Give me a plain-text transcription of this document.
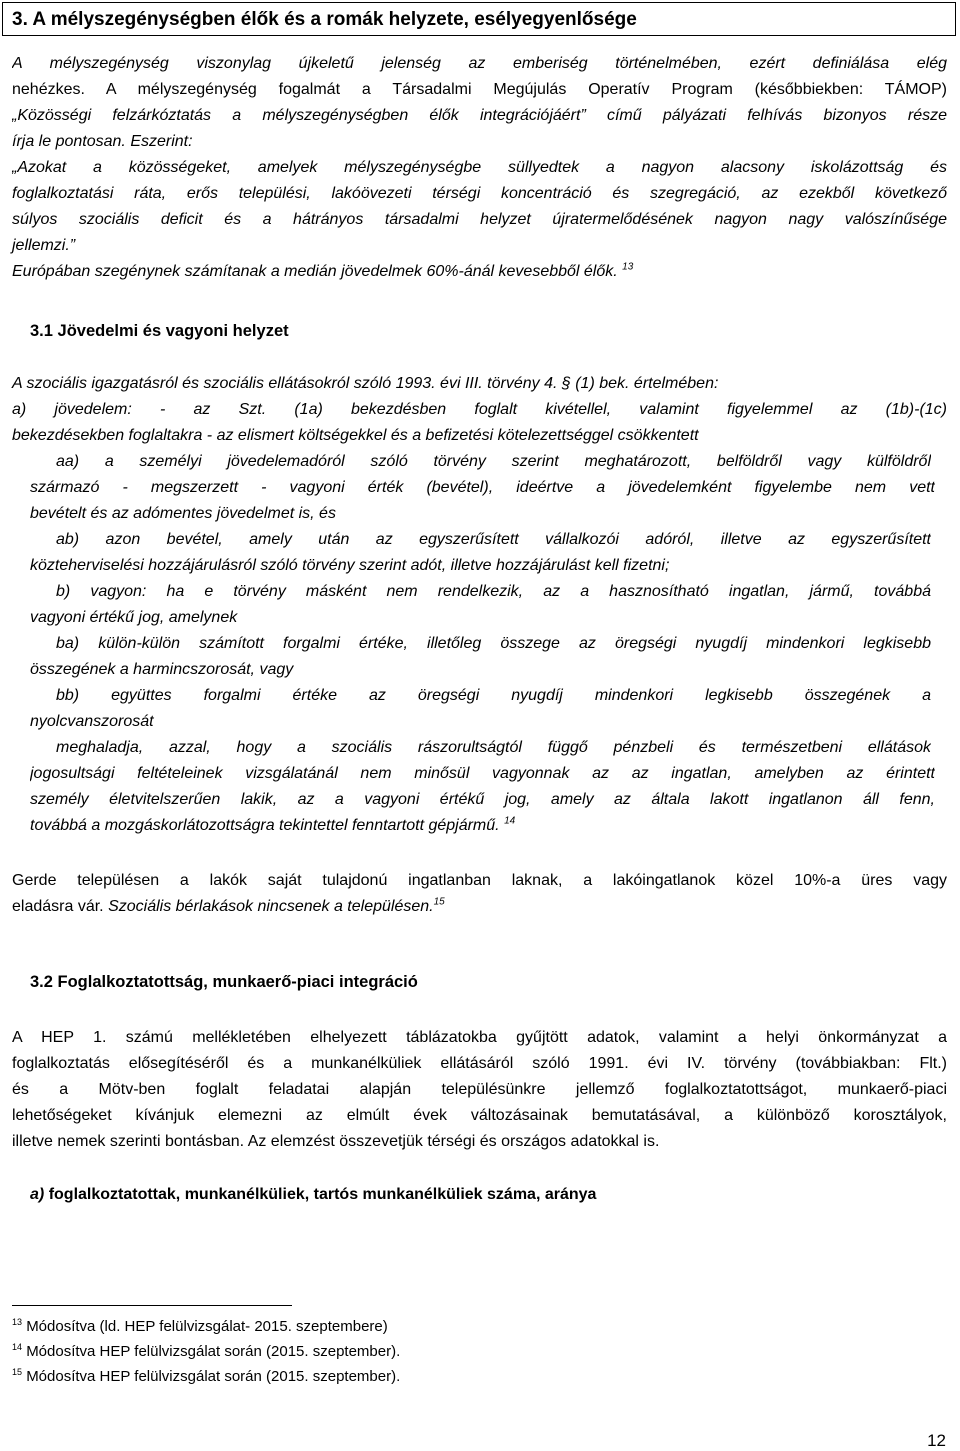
3. A mélyszegénységben élők és a romák helyzete, esélyegyenlősége
A mélyszegénység viszonylag újkeletű jelenség az emberiség történelmében, ezért definiálása elég
nehézkes. A mélyszegénység fogalmát a Társadalmi Megújulás Operatív Program (későbbiekben: TÁMOP)
„Közösségi felzárkóztatás a mélyszegénységben élők integrációjáért” című pályázati felhívás bizonyos része
írja le pontosan. Eszerint:
„Azokat a közösségeket, amelyek mélyszegénységbe süllyedtek a nagyon alacsony iskolázottság és
foglalkoztatási ráta, erős települési, lakóövezeti térségi koncentráció és szegregáció, az ezekből következő
súlyos szociális deficit és a hátrányos társadalmi helyzet újratermelődésének nagyon nagy valószínűsége
jellemzi.”
Európában szegénynek számítanak a medián jövedelmek 60%-ánál kevesebből élők. $^{13}$
3.1 Jövedelmi és vagyoni helyzet
A szociális igazgatásról és szociális ellátásokról szóló 1993. évi III. törvény 4. § (1) bek. értelmében:
a) jövedelem: - az Szt. (1a) bekezdésben foglalt kivétellel, valamint figyelemmel az (1b)-(1c)
bekezdésekben foglaltakra - az elismert költségekkel és a befizetési kötelezettséggel csökkentett
aa) a személyi jövedelemadóról szóló törvény szerint meghatározott, belföldről vagy külföldről
származó - megszerzett - vagyoni érték (bevétel), ideértve a jövedelemként figyelembe nem vett
bevételt és az adómentes jövedelmet is, és
ab) azon bevétel, amely után az egyszerűsített vállalkozói adóról, illetve az egyszerűsített
közteherviselési hozzájárulásról szóló törvény szerint adót, illetve hozzájárulást kell fizetni;
b) vagyon: ha e törvény másként nem rendelkezik, az a hasznosítható ingatlan, jármű, továbbá
vagyoni értékű jog, amelynek
ba) külön-külön számított forgalmi értéke, illetőleg összege az öregségi nyugdíj mindenkori legkisebb
összegének a harmincszorosát, vagy
bb) együttes forgalmi értéke az öregségi nyugdíj mindenkori legkisebb összegének a
nyolcvanszorosát
meghaladja, azzal, hogy a szociális rászorultságtól függő pénzbeli és természetbeni ellátások
jogosultsági feltételeinek vizsgálatánál nem minősül vagyonnak az az ingatlan, amelyben az érintett
személy életvitelszerűen lakik, az a vagyoni értékű jog, amely az általa lakott ingatlanon áll fenn,
továbbá a mozgáskorlátozottságra tekintettel fenntartott gépjármű. $^{14}$
Gerde településen a lakók saját tulajdonú ingatlanban laknak, a lakóingatlanok közel 10%-a üres vagy
eladásra vár. Szociális bérlakások nincsenek a településen.$^{15}$
3.2 Foglalkoztatottság, munkaerő-piaci integráció
A HEP 1. számú mellékletében elhelyezett táblázatokba gyűjtött adatok, valamint a helyi önkormányzat a
foglalkoztatás elősegítéséről és a munkanélküliek ellátásáról szóló 1991. évi IV. törvény (továbbiakban: Flt.)
és a Mötv-ben foglalt feladatai alapján településünkre jellemző foglalkoztatottságot, munkaerő-piaci
lehetőségeket kívánjuk elemezni az elmúlt évek változásainak bemutatásával, a különböző korosztályok,
illetve nemek szerinti bontásban. Az elemzést összevetjük térségi és országos adatokkal is.
a) foglalkoztatottak, munkanélküliek, tartós munkanélküliek száma, aránya
$^{13}$ Módosítva (ld. HEP felülvizsgálat- 2015. szeptembere)
$^{14}$ Módosítva HEP felülvizsgálat során (2015. szeptember).
$^{15}$ Módosítva HEP felülvizsgálat során (2015. szeptember).
12
